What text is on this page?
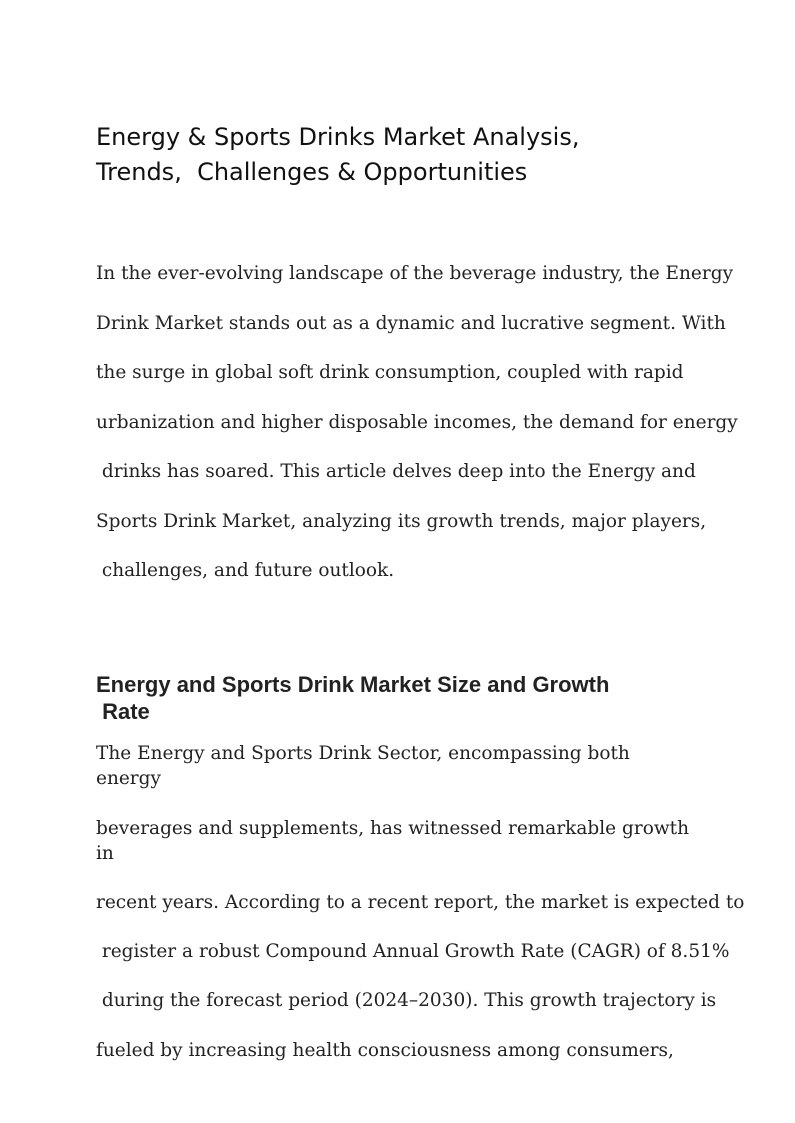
Energy & Sports Drinks Market Analysis,
Trends,  Challenges & Opportunities
In the ever-evolving landscape of the beverage industry, the Energy
Drink Market stands out as a dynamic and lucrative segment. With
the surge in global soft drink consumption, coupled with rapid
urbanization and higher disposable incomes, the demand for energy
drinks has soared. This article delves deep into the Energy and
Sports Drink Market, analyzing its growth trends, major players,
challenges, and future outlook.
Energy and Sports Drink Market Size and Growth
Rate
The Energy and Sports Drink Sector, encompassing both
energy
beverages and supplements, has witnessed remarkable growth
in
recent years. According to a recent report, the market is expected to
register a robust Compound Annual Growth Rate (CAGR) of 8.51%
during the forecast period (2024–2030). This growth trajectory is
fueled by increasing health consciousness among consumers,
